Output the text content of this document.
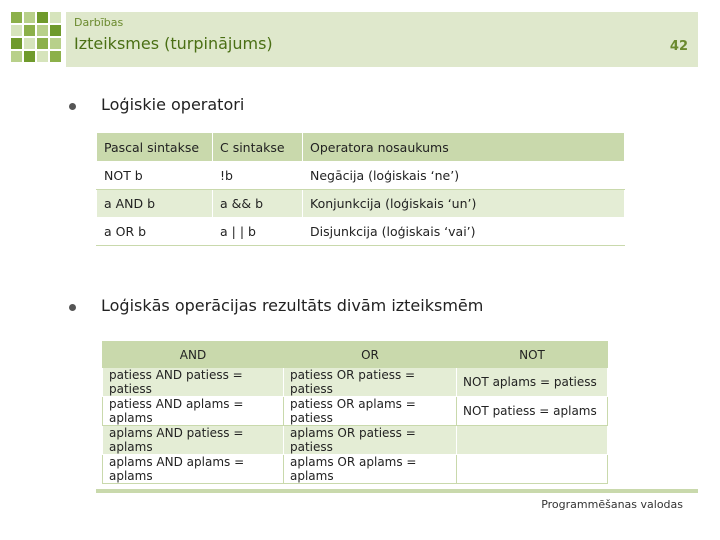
Darbības
Izteiksmes (turpinājums)	42
Loģiskie operatori
Pascal sintakse	C sintakse	Operatora nosaukums
NOT b	!b	Negācija (loģiskais ‘ne’)
a AND b	a && b	Konjunkcija (loģiskais ‘un’)
a OR b	a | | b	Disjunkcija (loģiskais ‘vai’)
Loģiskās operācijas rezultāts divām izteiksmēm
AND	OR	NOT
patiess AND patiess = patiess	patiess OR patiess = patiess	NOT aplams = patiess
patiess AND aplams = aplams	patiess OR aplams = patiess	NOT patiess = aplams
aplams AND patiess = aplams	aplams OR patiess = patiess	
aplams AND aplams = aplams	aplams OR aplams = aplams	
Programmēšanas valodas
